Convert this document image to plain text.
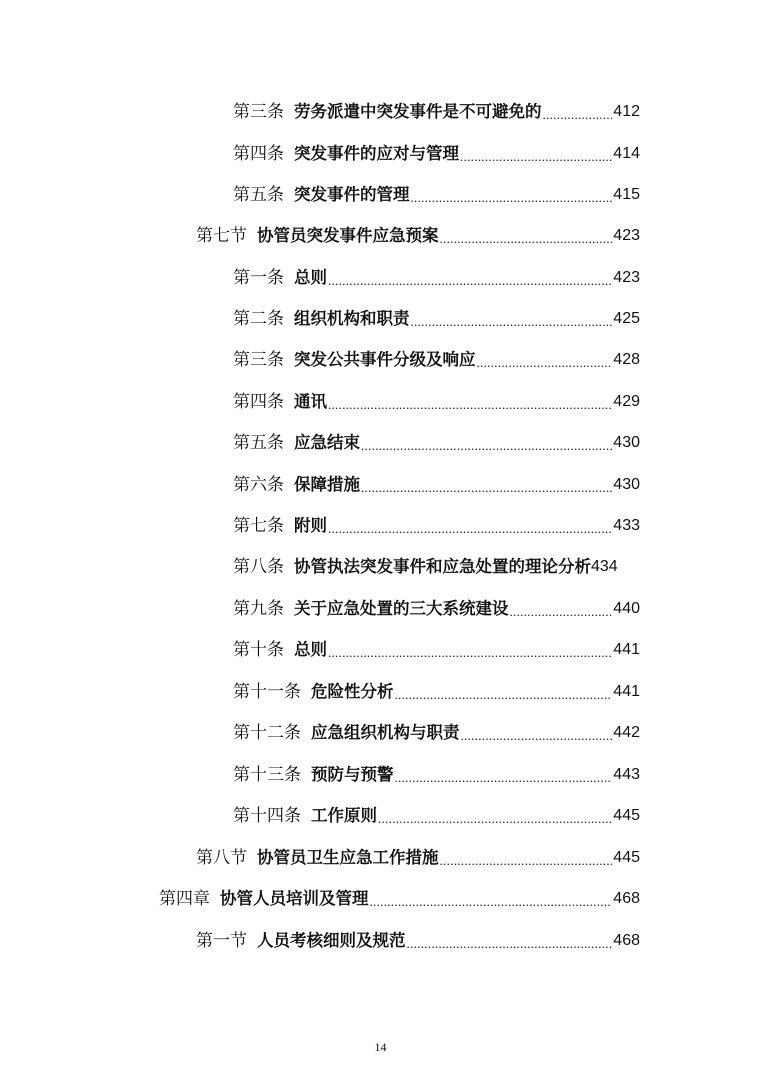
第三条 劳务派遣中突发事件是不可避免的 .....	412
第四条 突发事件的应对与管理 .....	414
第五条 突发事件的管理 .....	415
第七节 协管员突发事件应急预案 .....	423
第一条 总则 .....	423
第二条 组织机构和职责 .....	425
第三条 突发公共事件分级及响应 .....	428
第四条 通讯 .....	429
第五条 应急结束 .....	430
第六条 保障措施 .....	430
第七条 附则 .....	433
第八条 协管执法突发事件和应急处置的理论分析 434
第九条 关于应急处置的三大系统建设 .....	440
第十条 总则 .....	441
第十一条 危险性分析 .....	441
第十二条 应急组织机构与职责 .....	442
第十三条 预防与预警 .....	443
第十四条 工作原则 .....	445
第八节 协管员卫生应急工作措施 .....	445
第四章 协管人员培训及管理 .....	468
第一节 人员考核细则及规范 .....	468
14
